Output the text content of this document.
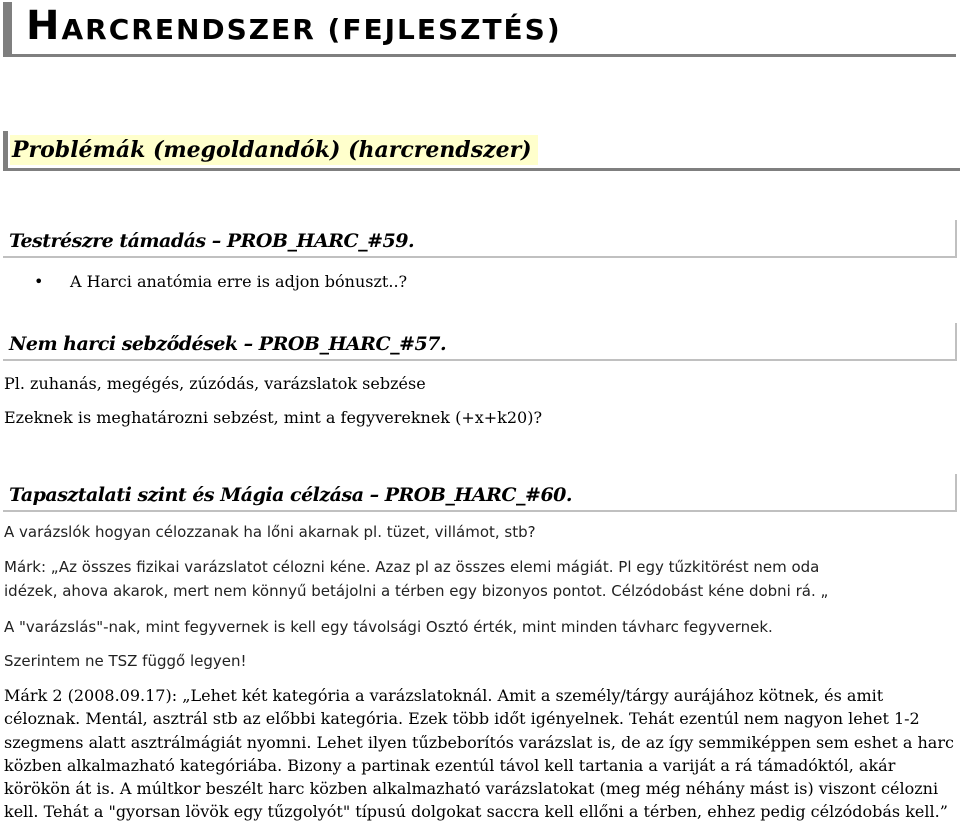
HARCRENDSZER (FEJLESZTÉS)
Problémák (megoldandók) (harcrendszer)
Testrészre támadás – PROB_HARC_#59.
• A Harci anatómia erre is adjon bónuszt..?

Nem harci sebződések – PROB_HARC_#57.

Pl. zuhanás, megégés, zúzódás, varázslatok sebzése

Ezeknek is meghatározni sebzést, mint a fegyvereknek (+x+k20)?

Tapasztalati szint és Mágia célzása – PROB_HARC_#60.

A varázslók hogyan célozzanak ha lőni akarnak pl. tüzet, villámot, stb?

Márk: „Az összes fizikai varázslatot célozni kéne. Azaz pl az összes elemi mágiát. Pl egy tűzkitörést nem oda

idézek, ahova akarok, mert nem könnyű betájolni a térben egy bizonyos pontot. Célzódobást kéne dobni rá. „

A "varázslás"-nak, mint fegyvernek is kell egy távolsági Osztó érték, mint minden távharc fegyvernek.

Szerintem ne TSZ függő legyen!

Márk 2 (2008.09.17): „Lehet két kategória a varázslatoknál. Amit a személy/tárgy aurájához kötnek, és amit

céloznak. Mentál, asztrál stb az előbbi kategória. Ezek több időt igényelnek. Tehát ezentúl nem nagyon lehet 1-2

szegmens alatt asztrálmágiát nyomni. Lehet ilyen tűzbeborítós varázslat is, de az így semmiképpen sem eshet a harc

közben alkalmazható kategóriába. Bizony a partinak ezentúl távol kell tartania a variját a rá támadóktól, akár

körökön át is. A múltkor beszélt harc közben alkalmazható varázslatokat (meg még néhány mást is) viszont célozni

kell. Tehát a "gyorsan lövök egy tűzgolyót" típusú dolgokat saccra kell ellőni a térben, ehhez pedig célzódobás kell.”
